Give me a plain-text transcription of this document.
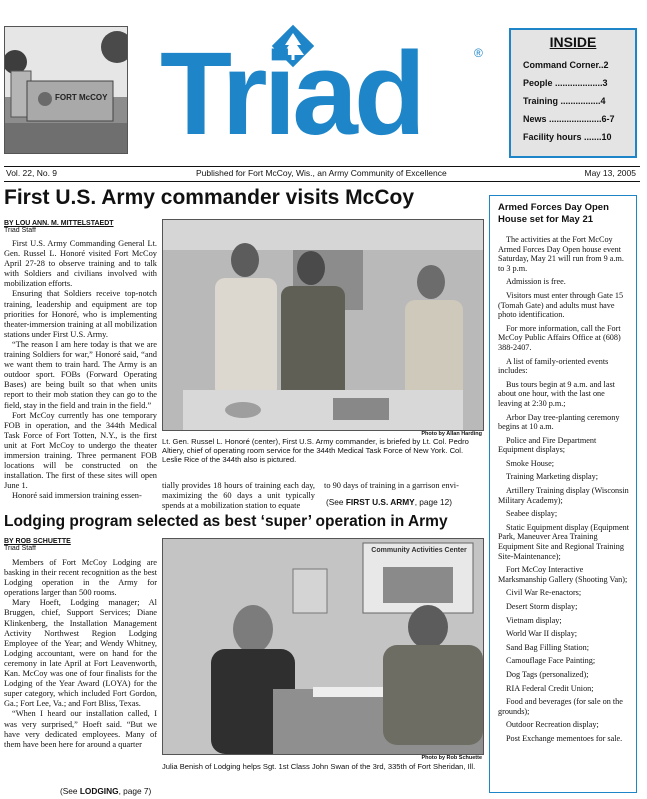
FORT McCOY Triad	®
INSIDE
Command Corner..2
People ...................3
Training ................4
News .....................6-7
Facility hours .......10
Vol. 22, No. 9	Published for Fort McCoy, Wis., an Army Community of Excellence	May 13, 2005
First U.S. Army commander visits McCoy
BY LOU ANN. M. MITTELSTAEDT
Triad Staff

First U.S. Army Commanding General Lt. Gen. Russel L. Honoré visited Fort McCoy April 27-28 to observe training and to talk with Soldiers and civilians involved with mobilization efforts.

Ensuring that Soldiers receive top-notch training, leadership and equipment are top priorities for Honoré, who is implementing theater-immersion training at all mobilization stations under First U.S. Army.

“The reason I am here today is that we are training Soldiers for war,” Honoré said, “and we want them to train hard. The Army is an outdoor sport. FOBs (Forward Operating Bases) are being built so that when units report to their mob station they can go to the field, stay in the field and train in the field.”

Fort McCoy currently has one temporary FOB in operation, and the 344th Medical Task Force of Fort Totten, N.Y., is the first unit at Fort McCoy to undergo the theater immersion training. Three permanent FOB locations will be constructed on the installation. The first of these sites will open June 1.

Honoré said immersion training essen-

Photo by Allan Harding
Lt. Gen. Russel L. Honoré (center), First U.S. Army commander, is briefed by Lt. Col. Pedro Altiery, chief of operating room service for the 344th Medical Task Force of New York. Col. Leslie Rice of the 344th also is pictured.

tially provides 18 hours of training each day, maximizing the 60 days a unit typically spends at a mobilization station to equate

to 90 days of training in a garrison envi-

(See FIRST U.S. ARMY, page 12)
Lodging program selected as best ‘super’ operation in Army
BY ROB SCHUETTE
Triad Staff

Members of Fort McCoy Lodging are basking in their recent recognition as the best Lodging operation in the Army for operations larger than 500 rooms.

Mary Hoeft, Lodging manager; Al Bruggen, chief, Support Services; Diane Klinkenberg, the Installation Management Activity Northwest Region Lodging Employee of the Year; and Wendy Whitney, Lodging accountant, were on hand for the ceremony in late April at Fort Leavenworth, Kan. McCoy was one of four finalists for the Lodging of the Year Award (LOYA) for the super category, which included Fort Gordon, Ga.; Fort Lee, Va.; and Fort Bliss, Texas.

“When I heard our installation called, I was very surprised,” Hoeft said. “But we have very dedicated employees. Many of them have been here for around a quarter

(See LODGING, page 7)
Community Activities Center
Photo by Rob Schuette
Julia Benish of Lodging helps Sgt. 1st Class John Swan of the 3rd, 335th of Fort Sheridan, Ill.
Armed Forces Day Open House set for May 21

The activities at the Fort McCoy Armed Forces Day Open house event Saturday, May 21 will run from 9 a.m. to 3 p.m.

Admission is free.

Visitors must enter through Gate 15 (Tomah Gate) and adults must have photo identification.

For more information, call the Fort McCoy Public Affairs Office at (608) 388-2407.

A list of family-oriented events includes:

Bus tours begin at 9 a.m. and last about one hour, with the last one leaving at 2:30 p.m.;

Arbor Day tree-planting ceremony begins at 10 a.m.

Police and Fire Department Equipment displays;

Smoke House;

Training Marketing display;

Artillery Training display (Wisconsin Military Academy);

Seabee display;

Static Equipment display (Equipment Park, Maneuver Area Training Equipment Site and Regional Training Site-Maintenance);

Fort McCoy Interactive Marksmanship Gallery (Shooting Van);

Civil War Re-enactors;

Desert Storm display;

Vietnam display;

World War II display;

Sand Bag Filling Station;

Camouflage Face Painting;

Dog Tags (personalized);

RIA Federal Credit Union;

Food and beverages (for sale on the grounds);

Outdoor Recreation display;

Post Exchange mementoes for sale.
